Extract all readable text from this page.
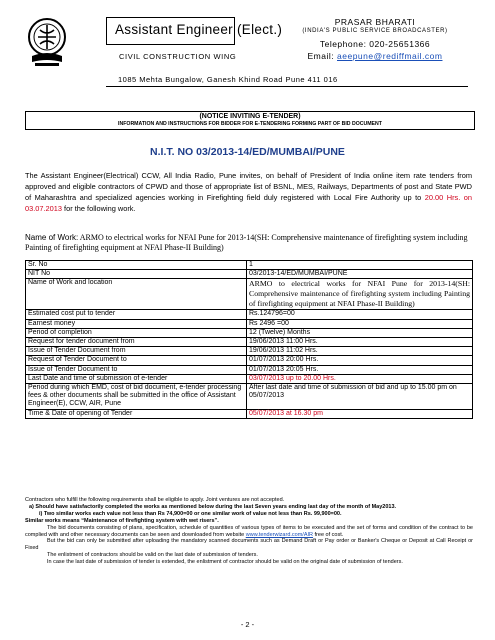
Assistant Engineer (Elect.)
CIVIL CONSTRUCTION WING
PRASAR BHARATI
(INDIA'S PUBLIC SERVICE BROADCASTER)
Telephone: 020-25651366
Email: aeepune@rediffmail.com
1085 Mehta Bungalow, Ganesh Khind Road Pune 411 016
(NOTICE INVITING E-TENDER)
INFORMATION AND INSTRUCTIONS FOR BIDDER FOR E-TENDERING FORMING PART OF BID DOCUMENT
N.I.T. NO 03/2013-14/ED/MUMBAI/PUNE
The Assistant Engineer(Electrical) CCW, All India Radio, Pune invites, on behalf of President of India online item rate tenders from approved and eligible contractors of CPWD and those of appropriate list of BSNL, MES, Railways, Departments of post and State PWD of Maharashtra and specialized agencies working in Firefighting field duly registered with Local Fire Authority up to 20.00 Hrs. on 03.07.2013 for the following work.
Name of Work: ARMO to electrical works for NFAI Pune for 2013-14(SH: Comprehensive maintenance of firefighting system including Painting of firefighting equipment at NFAI Phase-II Building)
Sr. No	1
NIT No	03/2013-14/ED/MUMBAI/PUNE
Name of Work and location	ARMO to electrical works for NFAI Pune for 2013-14(SH: Comprehensive maintenance of firefighting system including Painting of firefighting equipment at NFAI Phase-II Building)
Estimated cost put to tender	Rs.124796=00
Earnest money	Rs 2496 =00
Period of completion	12 (Twelve) Months
Request for tender document from	19/06/2013 11:00 Hrs.
Issue of Tender Document from	19/06/2013 11:02 Hrs.
Request of Tender Document to	01/07/2013 20:00 Hrs.
Issue of Tender Document to	01/07/2013 20:05 Hrs.
Last Date and time of submission of e-tender	03/07/2013 up to 20.00 Hrs.
Period during which EMD, cost of bid document, e-tender processing fees & other documents shall be submitted in the office of Assistant Engineer(E), CCW, AIR, Pune	After last date and time of submission of bid and up to 15.00 pm on 05/07/2013
Time & Date of opening of Tender	05/07/2013 at 16.30 pm

Contractors who fulfill the following requirements shall be eligible to apply. Joint ventures are not accepted.

a) Should have satisfactorily completed the works as mentioned below during the last Seven years ending last day of the month of May2013.

i) Two similar works each value not less than Rs 74,900=00 or one similar work of value not less than Rs. 99,900=00.

Similar works means “Maintenance of firefighting system with wet risers”.

The bid documents consisting of plans, specification, schedule of quantities of various types of items to be executed and the set of forms and condition of the contract to be complied with and other necessary documents can be seen and downloaded from website www.tenderwizard.com/AIR free of cost.

But the bid can only be submitted after uploading the mandatory scanned documents such as Demand Draft or Pay order or Banker's Cheque or Deposit at Call Receipt or Fixed

The enlistment of contractors should be valid on the last date of submission of tenders.

In case the last date of submission of tender is extended, the enlistment of contractor should be valid on the original date of submission of tenders.

- 2 -
